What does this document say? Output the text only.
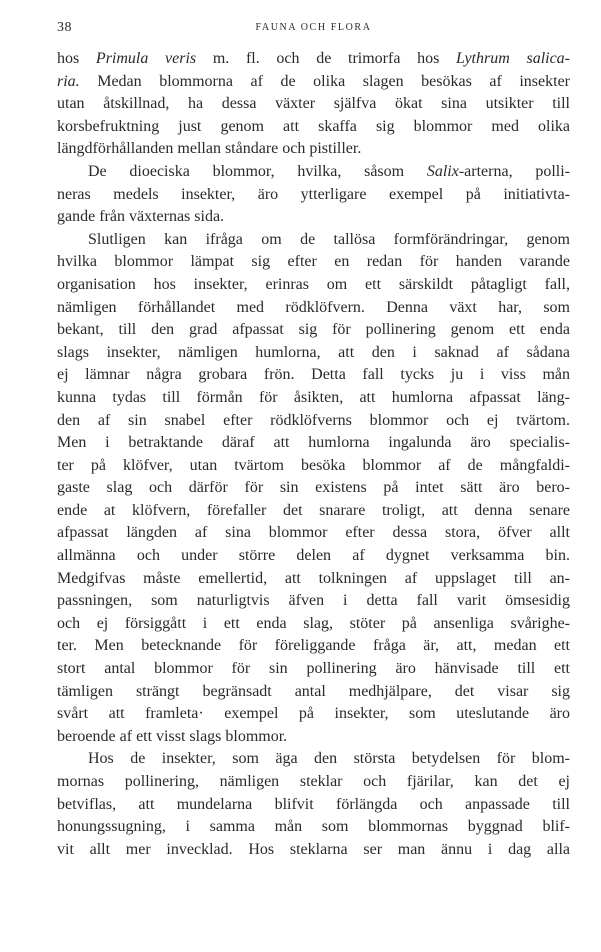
38	FAUNA OCH FLORA
hos Primula veris m. fl. och de trimorfa hos Lythrum salica-
ria. Medan blommorna af de olika slagen besökas af insekter
utan åtskillnad, ha dessa växter själfva ökat sina utsikter till
korsbefruktning just genom att skaffa sig blommor med olika
längdförhållanden mellan ståndare och pistiller.
De dioeciska blommor, hvilka, såsom Salix-arterna, polli-
neras medels insekter, äro ytterligare exempel på initiativta-
gande från växternas sida.
Slutligen kan ifråga om de tallösa formförändringar, genom
hvilka blommor lämpat sig efter en redan för handen varande
organisation hos insekter, erinras om ett särskildt påtagligt fall,
nämligen förhållandet med rödklöfvern. Denna växt har, som
bekant, till den grad afpassat sig för pollinering genom ett enda
slags insekter, nämligen humlorna, att den i saknad af sådana
ej lämnar några grobara frön. Detta fall tycks ju i viss mån
kunna tydas till förmån för åsikten, att humlorna afpassat läng-
den af sin snabel efter rödklöfverns blommor och ej tvärtom.
Men i betraktande däraf att humlorna ingalunda äro specialis-
ter på klöfver, utan tvärtom besöka blommor af de mångfaldi-
gaste slag och därför för sin existens på intet sätt äro bero-
ende at klöfvern, förefaller det snarare troligt, att denna senare
afpassat längden af sina blommor efter dessa stora, öfver allt
allmänna och under större delen af dygnet verksamma bin.
Medgifvas måste emellertid, att tolkningen af uppslaget till an-
passningen, som naturligtvis äfven i detta fall varit ömsesidig
och ej försiggått i ett enda slag, stöter på ansenliga svårighe-
ter. Men betecknande för föreliggande fråga är, att, medan ett
stort antal blommor för sin pollinering äro hänvisade till ett
tämligen strängt begränsadt antal medhjälpare, det visar sig
svårt att framleta· exempel på insekter, som uteslutande äro
beroende af ett visst slags blommor.
Hos de insekter, som äga den största betydelsen för blom-
mornas pollinering, nämligen steklar och fjärilar, kan det ej
betviflas, att mundelarna blifvit förlängda och anpassade till
honungssugning, i samma mån som blommornas byggnad blif-
vit allt mer invecklad. Hos steklarna ser man ännu i dag alla
